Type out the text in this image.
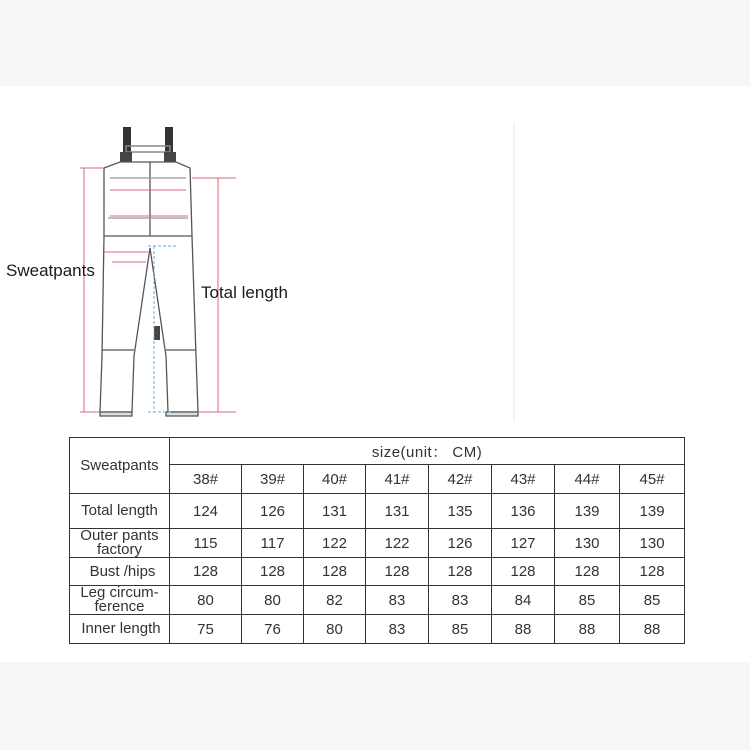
Sweatpants
Total length
Sweatpants	size(unit： CM)							
	38#	39#	40#	41#	42#	43#	44#	45#
Total length	124	126	131	131	135	136	139	139

Outer pants
factory	115	117	122	122	126	127	130	130
Bust /hips	128	128	128	128	128	128	128	128

Leg circum-
ference	80	80	82	83	83	84	85	85
Inner length	75	76	80	83	85	88	88	88
